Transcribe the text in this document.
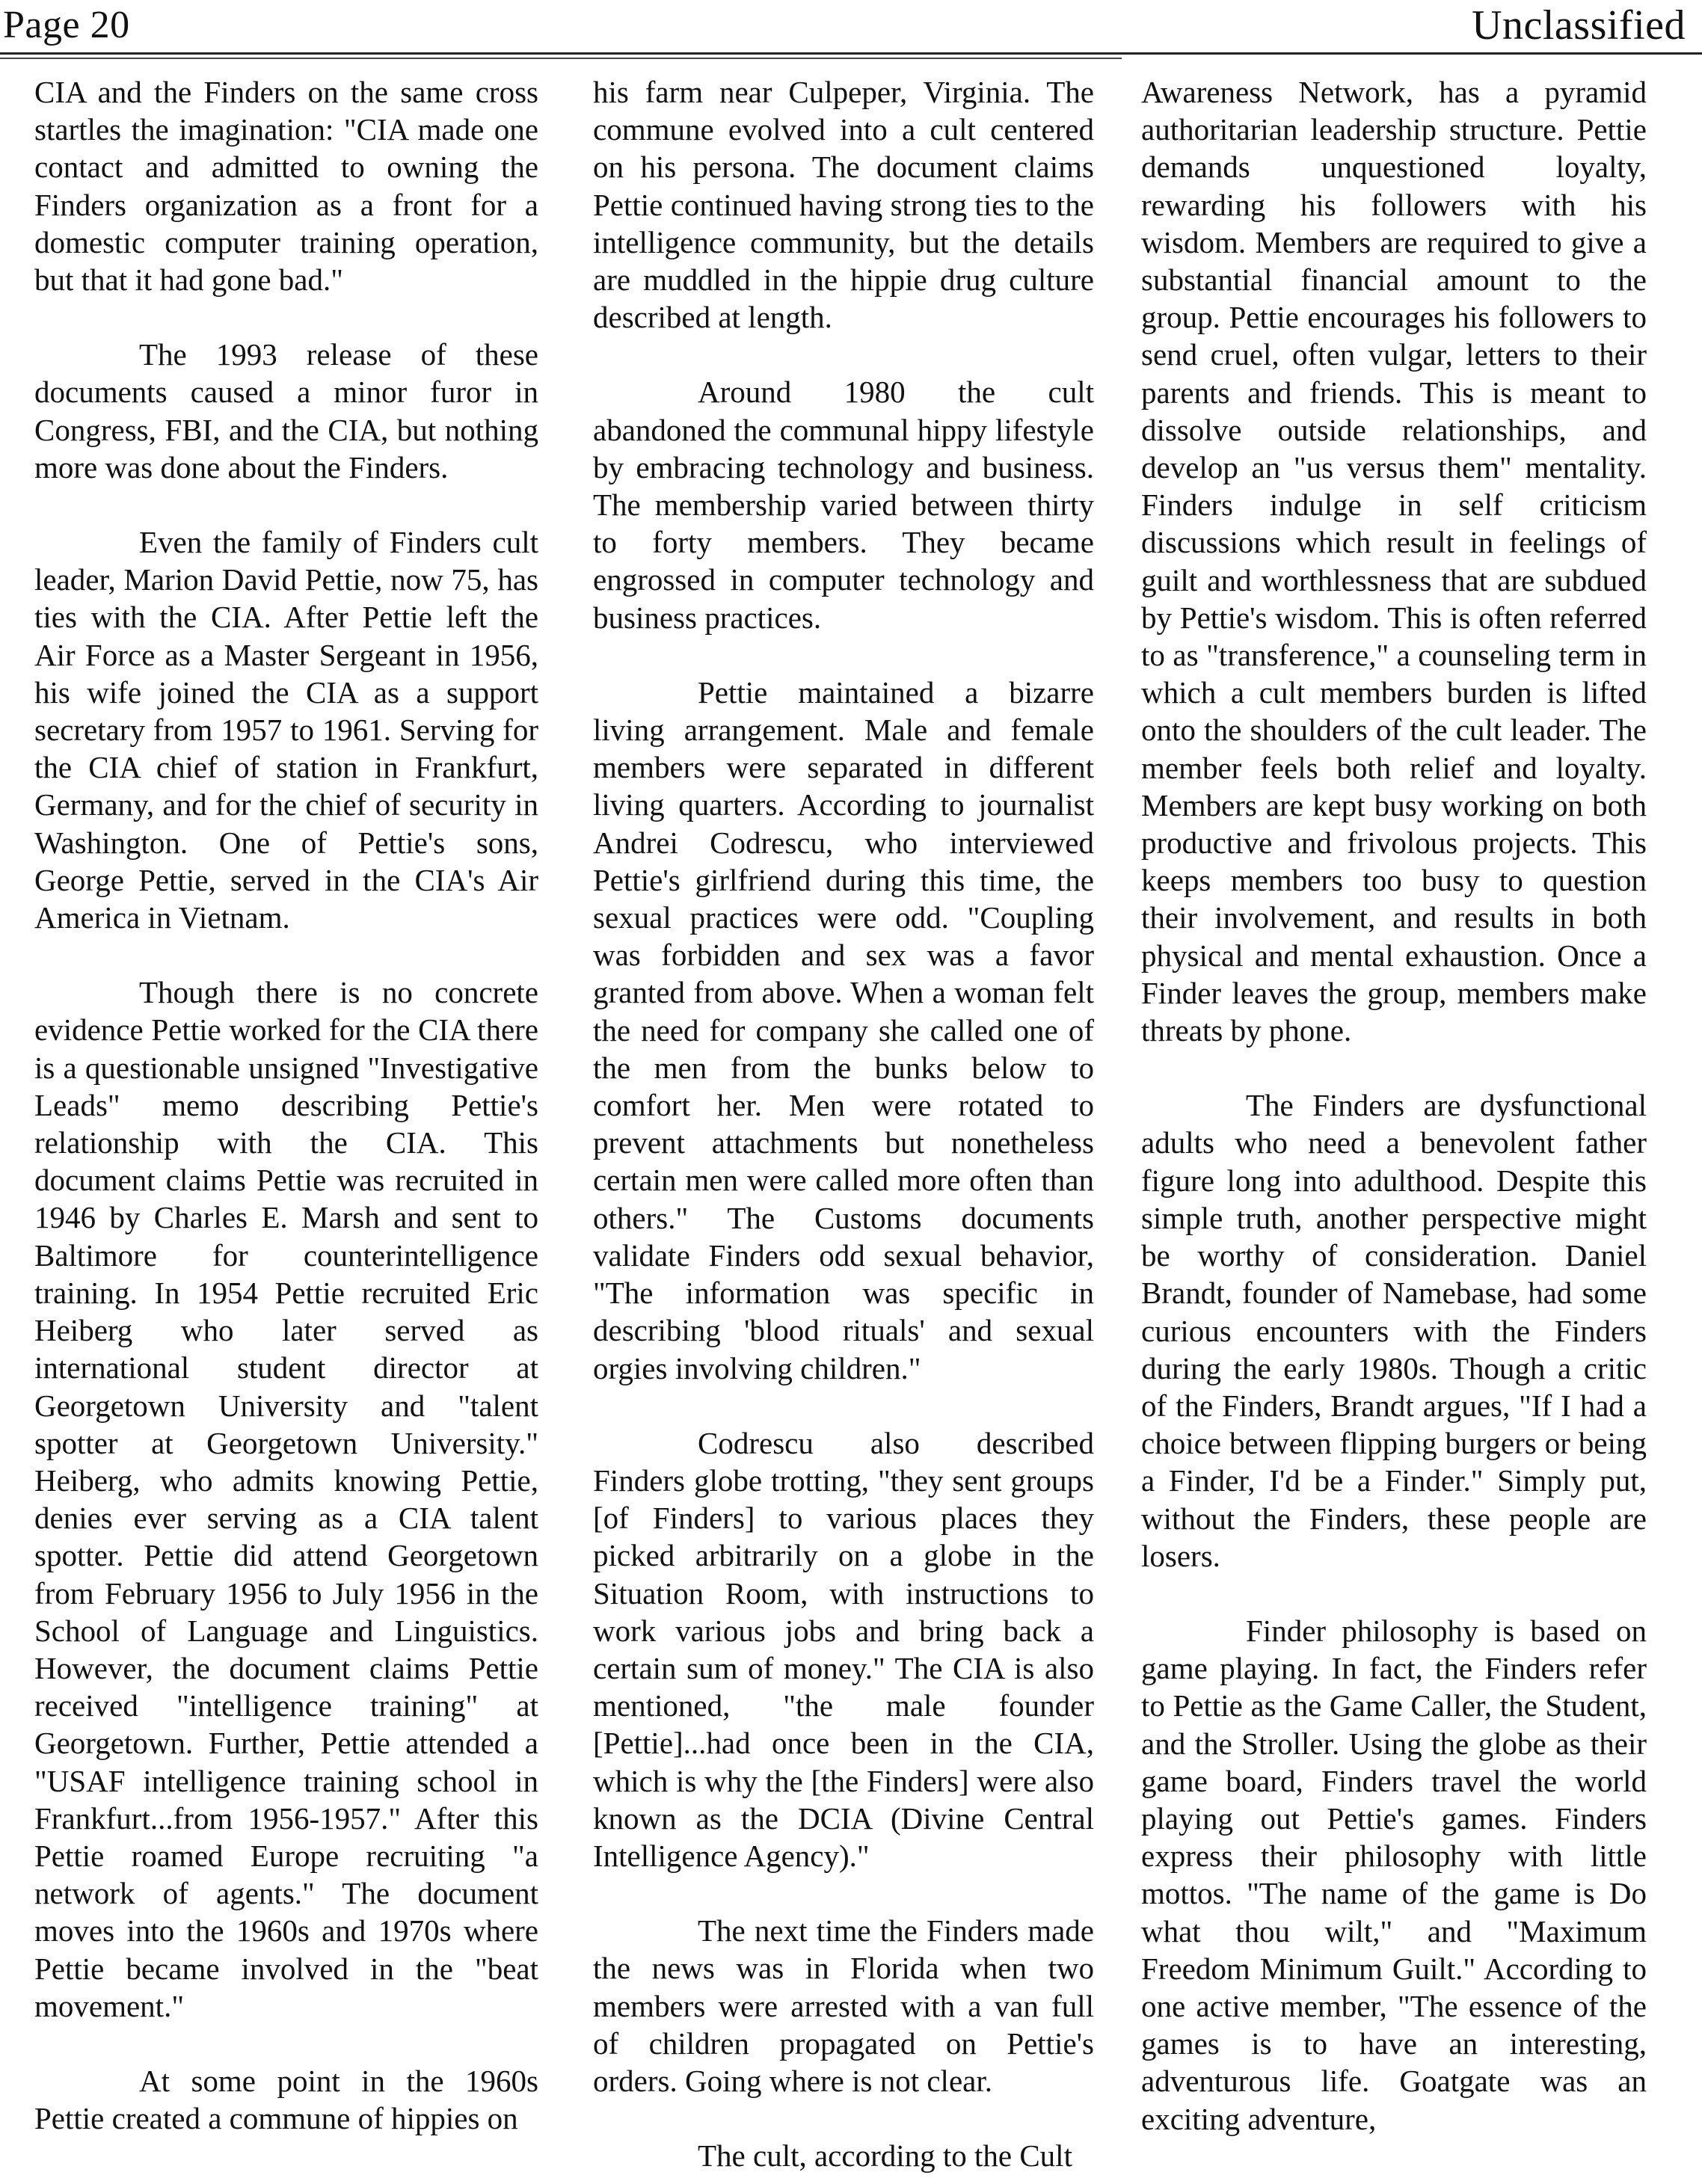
Page 20	Unclassified

CIA and the Finders on the same cross startles the imagination: "CIA made one contact and admitted to owning the Finders organization as a front for a domestic computer training operation, but that it had gone bad."

The 1993 release of these documents caused a minor furor in Congress, FBI, and the CIA, but nothing more was done about the Finders.

Even the family of Finders cult leader, Marion David Pettie, now 75, has ties with the CIA. After Pettie left the Air Force as a Master Sergeant in 1956, his wife joined the CIA as a support secretary from 1957 to 1961. Serving for the CIA chief of station in Frankfurt, Germany, and for the chief of security in Washington. One of Pettie's sons, George Pettie, served in the CIA's Air America in Vietnam.

Though there is no concrete evidence Pettie worked for the CIA there is a questionable unsigned "Investigative Leads" memo describing Pettie's relationship with the CIA. This document claims Pettie was recruited in 1946 by Charles E. Marsh and sent to Baltimore for counterintelligence training. In 1954 Pettie recruited Eric Heiberg who later served as international student director at Georgetown University and "talent spotter at Georgetown University." Heiberg, who admits knowing Pettie, denies ever serving as a CIA talent spotter. Pettie did attend Georgetown from February 1956 to July 1956 in the School of Language and Linguistics. However, the document claims Pettie received "intelligence training" at Georgetown. Further, Pettie attended a "USAF intelligence training school in Frankfurt...from 1956-1957." After this Pettie roamed Europe recruiting "a network of agents." The document moves into the 1960s and 1970s where Pettie became involved in the "beat movement."

At some point in the 1960s Pettie created a commune of hippies on

his farm near Culpeper, Virginia. The commune evolved into a cult centered on his persona. The document claims Pettie continued having strong ties to the intelligence community, but the details are muddled in the hippie drug culture described at length.

Around 1980 the cult abandoned the communal hippy lifestyle by embracing technology and business. The membership varied between thirty to forty members. They became engrossed in computer technology and business practices.

Pettie maintained a bizarre living arrangement. Male and female members were separated in different living quarters. According to journalist Andrei Codrescu, who interviewed Pettie's girlfriend during this time, the sexual practices were odd. "Coupling was forbidden and sex was a favor granted from above. When a woman felt the need for company she called one of the men from the bunks below to comfort her. Men were rotated to prevent attachments but nonetheless certain men were called more often than others." The Customs documents validate Finders odd sexual behavior, "The information was specific in describing 'blood rituals' and sexual orgies involving children."

Codrescu also described Finders globe trotting, "they sent groups [of Finders] to various places they picked arbitrarily on a globe in the Situation Room, with instructions to work various jobs and bring back a certain sum of money." The CIA is also mentioned, "the male founder [Pettie]...had once been in the CIA, which is why the [the Finders] were also known as the DCIA (Divine Central Intelligence Agency)."

The next time the Finders made the news was in Florida when two members were arrested with a van full of children propagated on Pettie's orders. Going where is not clear.

The cult, according to the Cult

Awareness Network, has a pyramid authoritarian leadership structure. Pettie demands unquestioned loyalty, rewarding his followers with his wisdom. Members are required to give a substantial financial amount to the group. Pettie encourages his followers to send cruel, often vulgar, letters to their parents and friends. This is meant to dissolve outside relationships, and develop an "us versus them" mentality. Finders indulge in self criticism discussions which result in feelings of guilt and worthlessness that are subdued by Pettie's wisdom. This is often referred to as "transference," a counseling term in which a cult members burden is lifted onto the shoulders of the cult leader. The member feels both relief and loyalty. Members are kept busy working on both productive and frivolous projects. This keeps members too busy to question their involvement, and results in both physical and mental exhaustion. Once a Finder leaves the group, members make threats by phone.

The Finders are dysfunctional adults who need a benevolent father figure long into adulthood. Despite this simple truth, another perspective might be worthy of consideration. Daniel Brandt, founder of Namebase, had some curious encounters with the Finders during the early 1980s. Though a critic of the Finders, Brandt argues, "If I had a choice between flipping burgers or being a Finder, I'd be a Finder." Simply put, without the Finders, these people are losers.

Finder philosophy is based on game playing. In fact, the Finders refer to Pettie as the Game Caller, the Student, and the Stroller. Using the globe as their game board, Finders travel the world playing out Pettie's games. Finders express their philosophy with little mottos. "The name of the game is Do what thou wilt," and "Maximum Freedom Minimum Guilt." According to one active member, "The essence of the games is to have an interesting, adventurous life. Goatgate was an exciting adventure,
